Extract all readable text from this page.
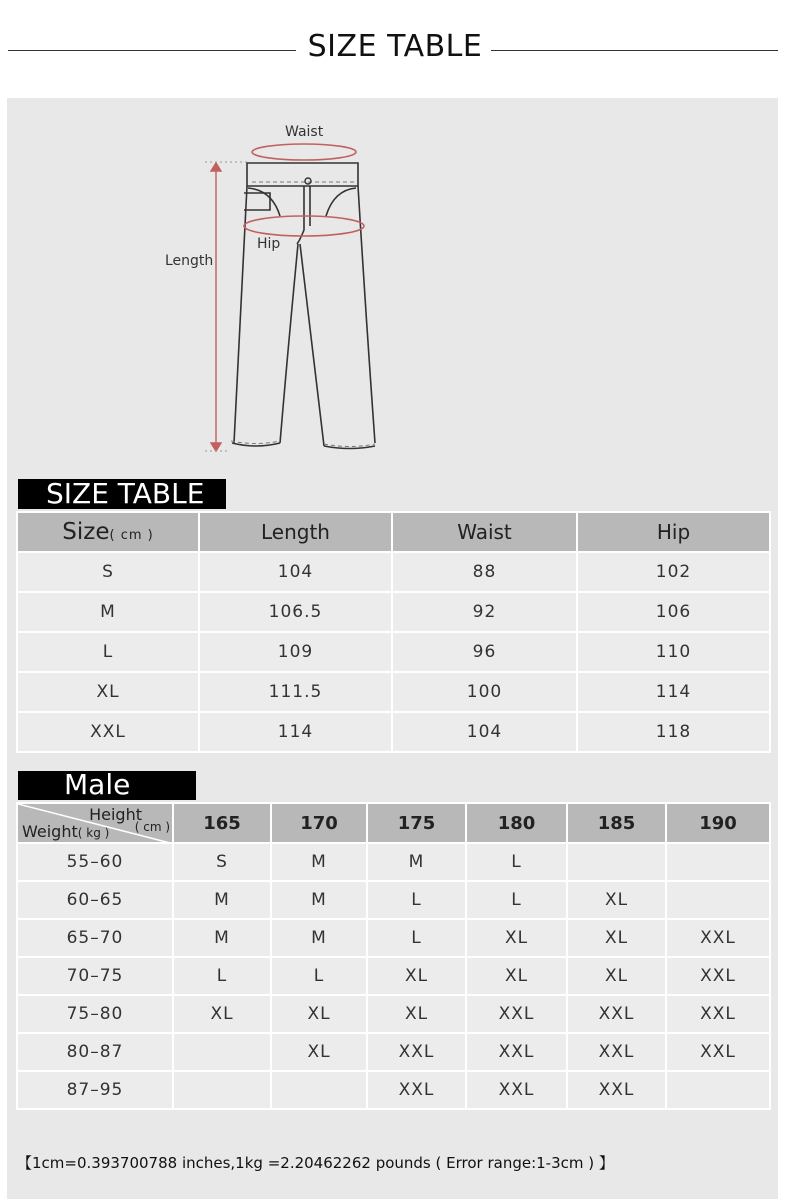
SIZE TABLE
Waist
Hip
Length
SIZE TABLE
Size( cm )	Length	Waist	Hip
S	104	88	102
M	106.5	92	106
L	109	96	110
XL	111.5	100	114
XXL	114	104	118
Male
Height
( cm )
Weight( kg )	165	170	175	180	185	190
55–60	S	M	M	L		
60–65	M	M	L	L	XL	
65–70	M	M	L	XL	XL	XXL
70–75	L	L	XL	XL	XL	XXL
75–80	XL	XL	XL	XXL	XXL	XXL
80–87		XL	XXL	XXL	XXL	XXL
87–95			XXL	XXL	XXL	
【1cm=0.393700788 inches,1kg =2.20462262 pounds ( Error range:1-3cm ) 】
